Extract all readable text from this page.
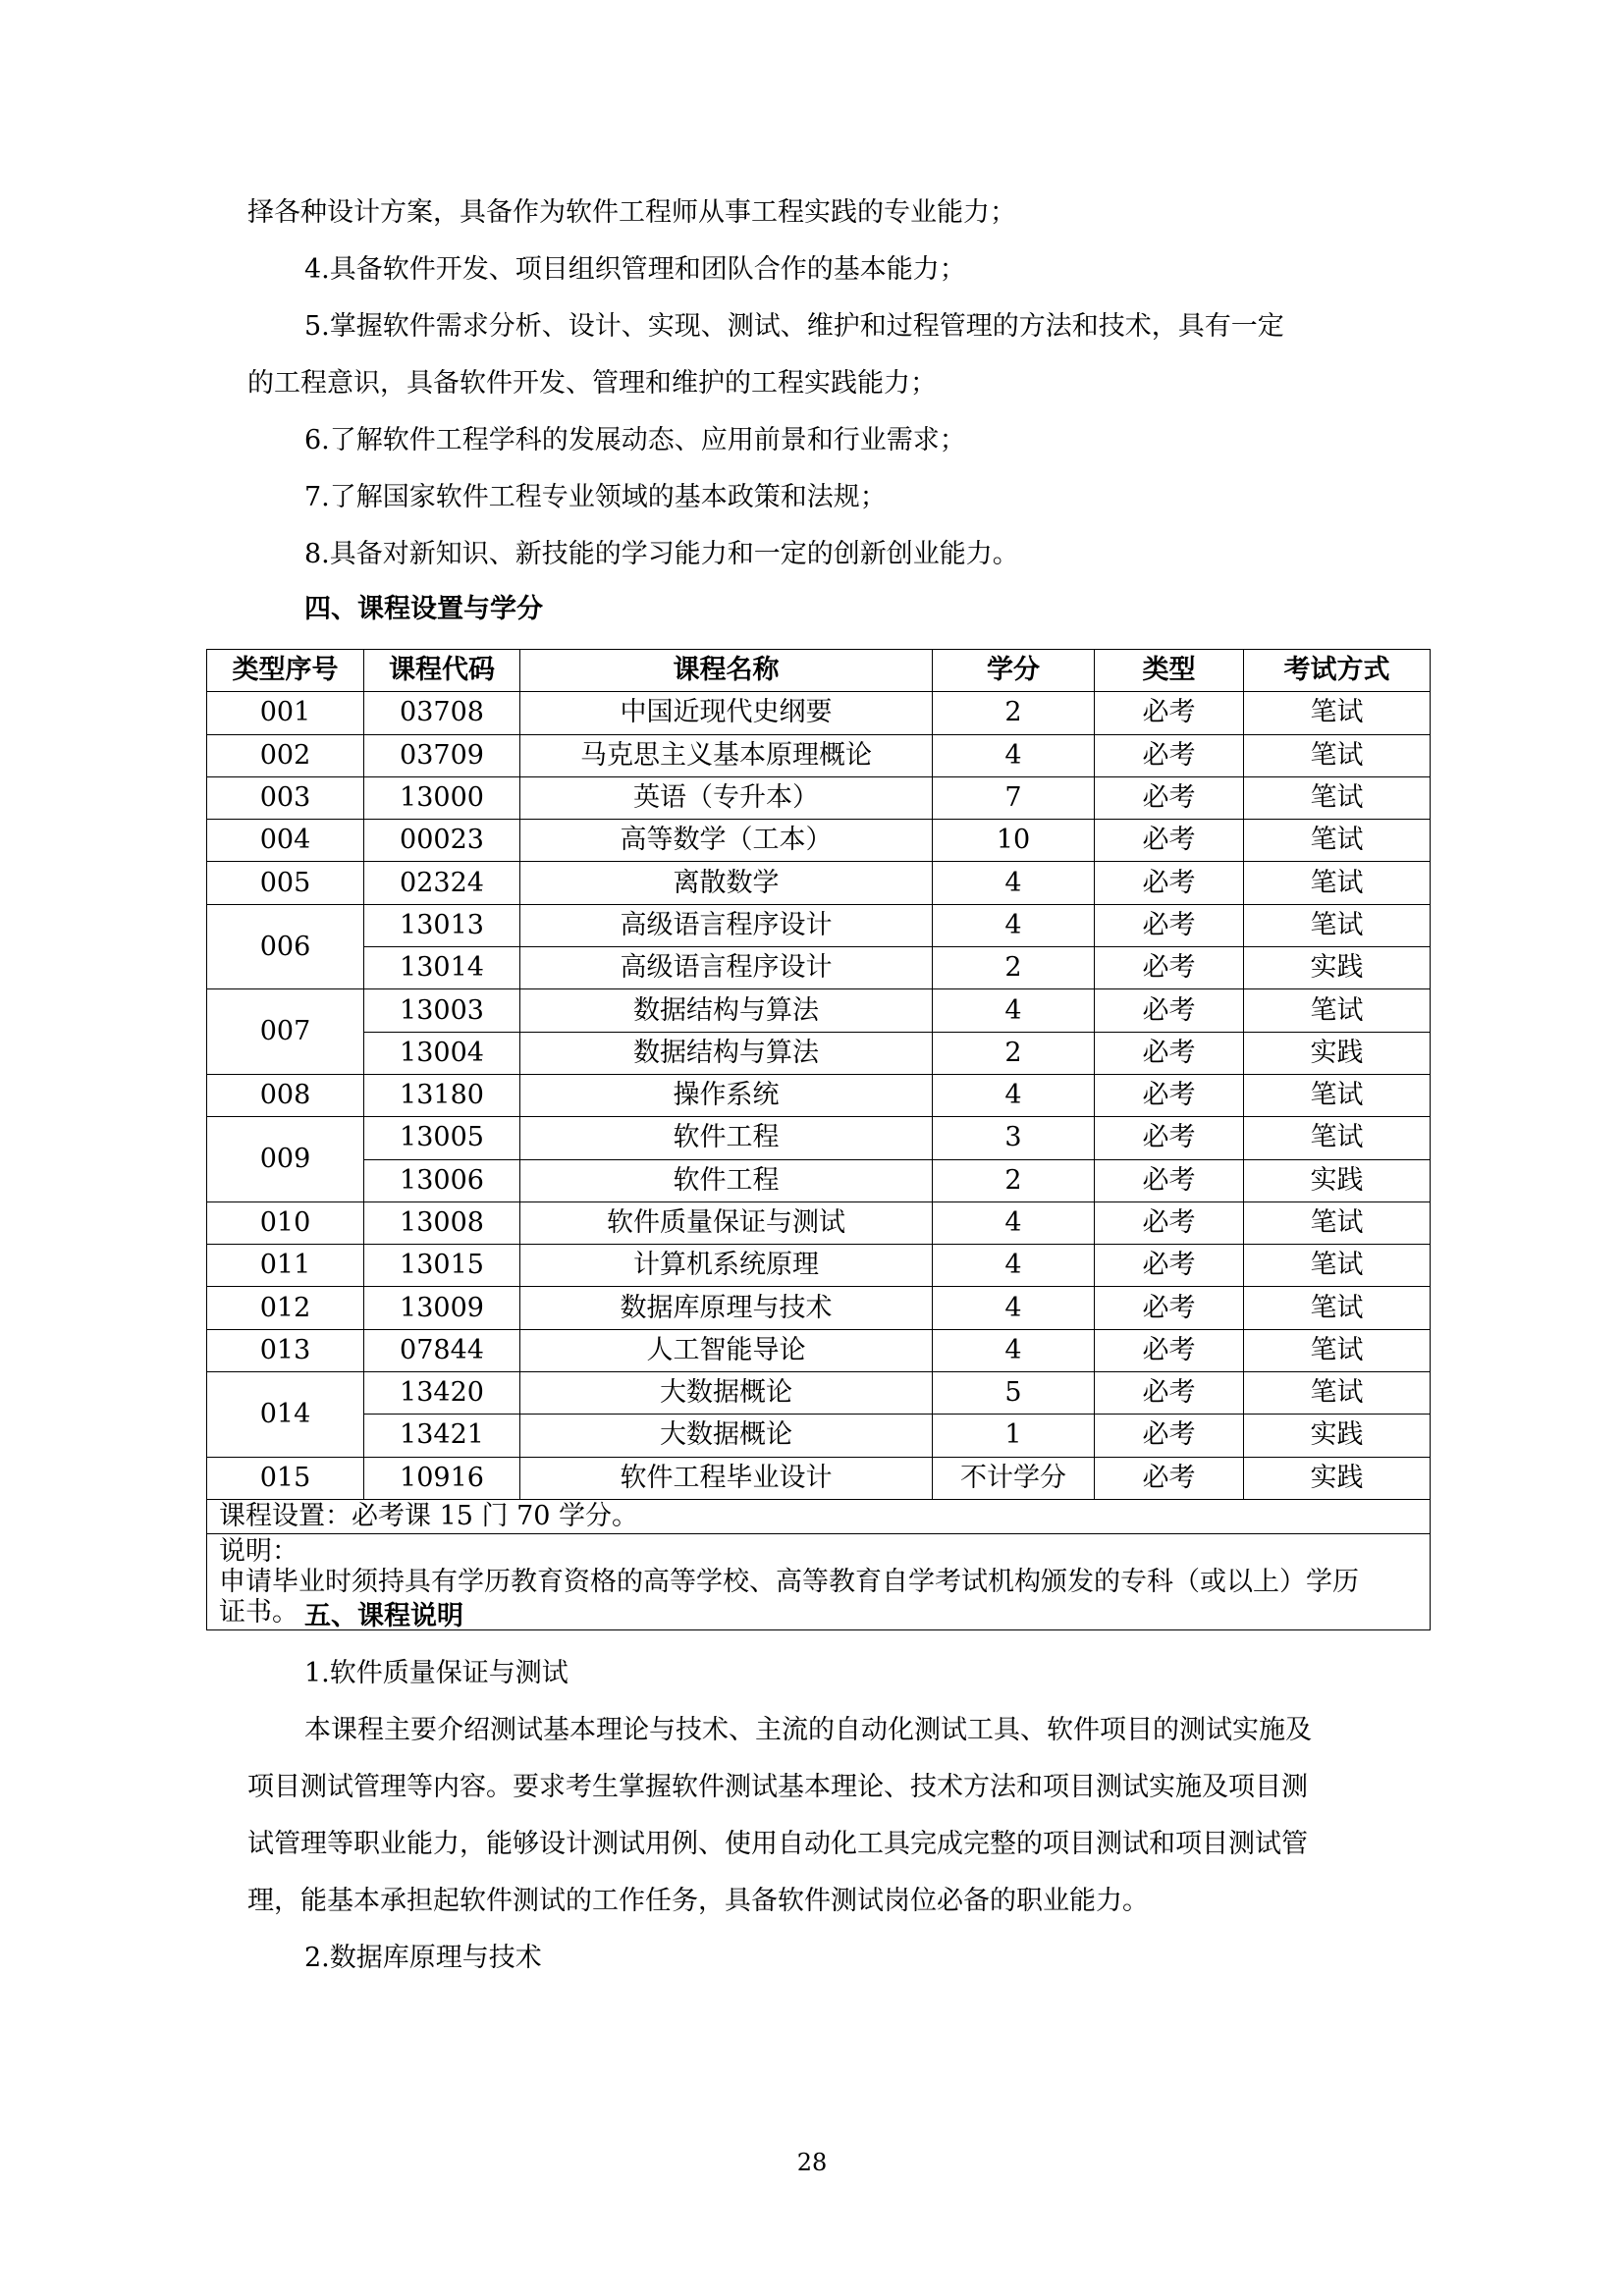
择各种设计方案，具备作为软件工程师从事工程实践的专业能力；
4.具备软件开发、项目组织管理和团队合作的基本能力；
5.掌握软件需求分析、设计、实现、测试、维护和过程管理的方法和技术，具有一定
的工程意识，具备软件开发、管理和维护的工程实践能力；
6.了解软件工程学科的发展动态、应用前景和行业需求；
7.了解国家软件工程专业领域的基本政策和法规；
8.具备对新知识、新技能的学习能力和一定的创新创业能力。
四、课程设置与学分
类型序号	课程代码	课程名称	学分	类型	考试方式
001	03708	中国近现代史纲要	2	必考	笔试
002	03709	马克思主义基本原理概论	4	必考	笔试
003	13000	英语（专升本）	7	必考	笔试
004	00023	高等数学（工本）	10	必考	笔试
005	02324	离散数学	4	必考	笔试
006	13013	高级语言程序设计	4	必考	笔试
	13014	高级语言程序设计	2	必考	实践
007	13003	数据结构与算法	4	必考	笔试
	13004	数据结构与算法	2	必考	实践
008	13180	操作系统	4	必考	笔试
009	13005	软件工程	3	必考	笔试
	13006	软件工程	2	必考	实践
010	13008	软件质量保证与测试	4	必考	笔试
011	13015	计算机系统原理	4	必考	笔试
012	13009	数据库原理与技术	4	必考	笔试
013	07844	人工智能导论	4	必考	笔试
014	13420	大数据概论	5	必考	笔试
	13421	大数据概论	1	必考	实践
015	10916	软件工程毕业设计	不计学分	必考	实践
课程设置：必考课 15 门 70 学分。					

说明：
申请毕业时须持具有学历教育资格的高等学校、高等教育自学考试机构颁发的专科（或以上）学历
证书。					五、课程说明
1.软件质量保证与测试
本课程主要介绍测试基本理论与技术、主流的自动化测试工具、软件项目的测试实施及
项目测试管理等内容。要求考生掌握软件测试基本理论、技术方法和项目测试实施及项目测
试管理等职业能力，能够设计测试用例、使用自动化工具完成完整的项目测试和项目测试管
理，能基本承担起软件测试的工作任务，具备软件测试岗位必备的职业能力。
2.数据库原理与技术
28
